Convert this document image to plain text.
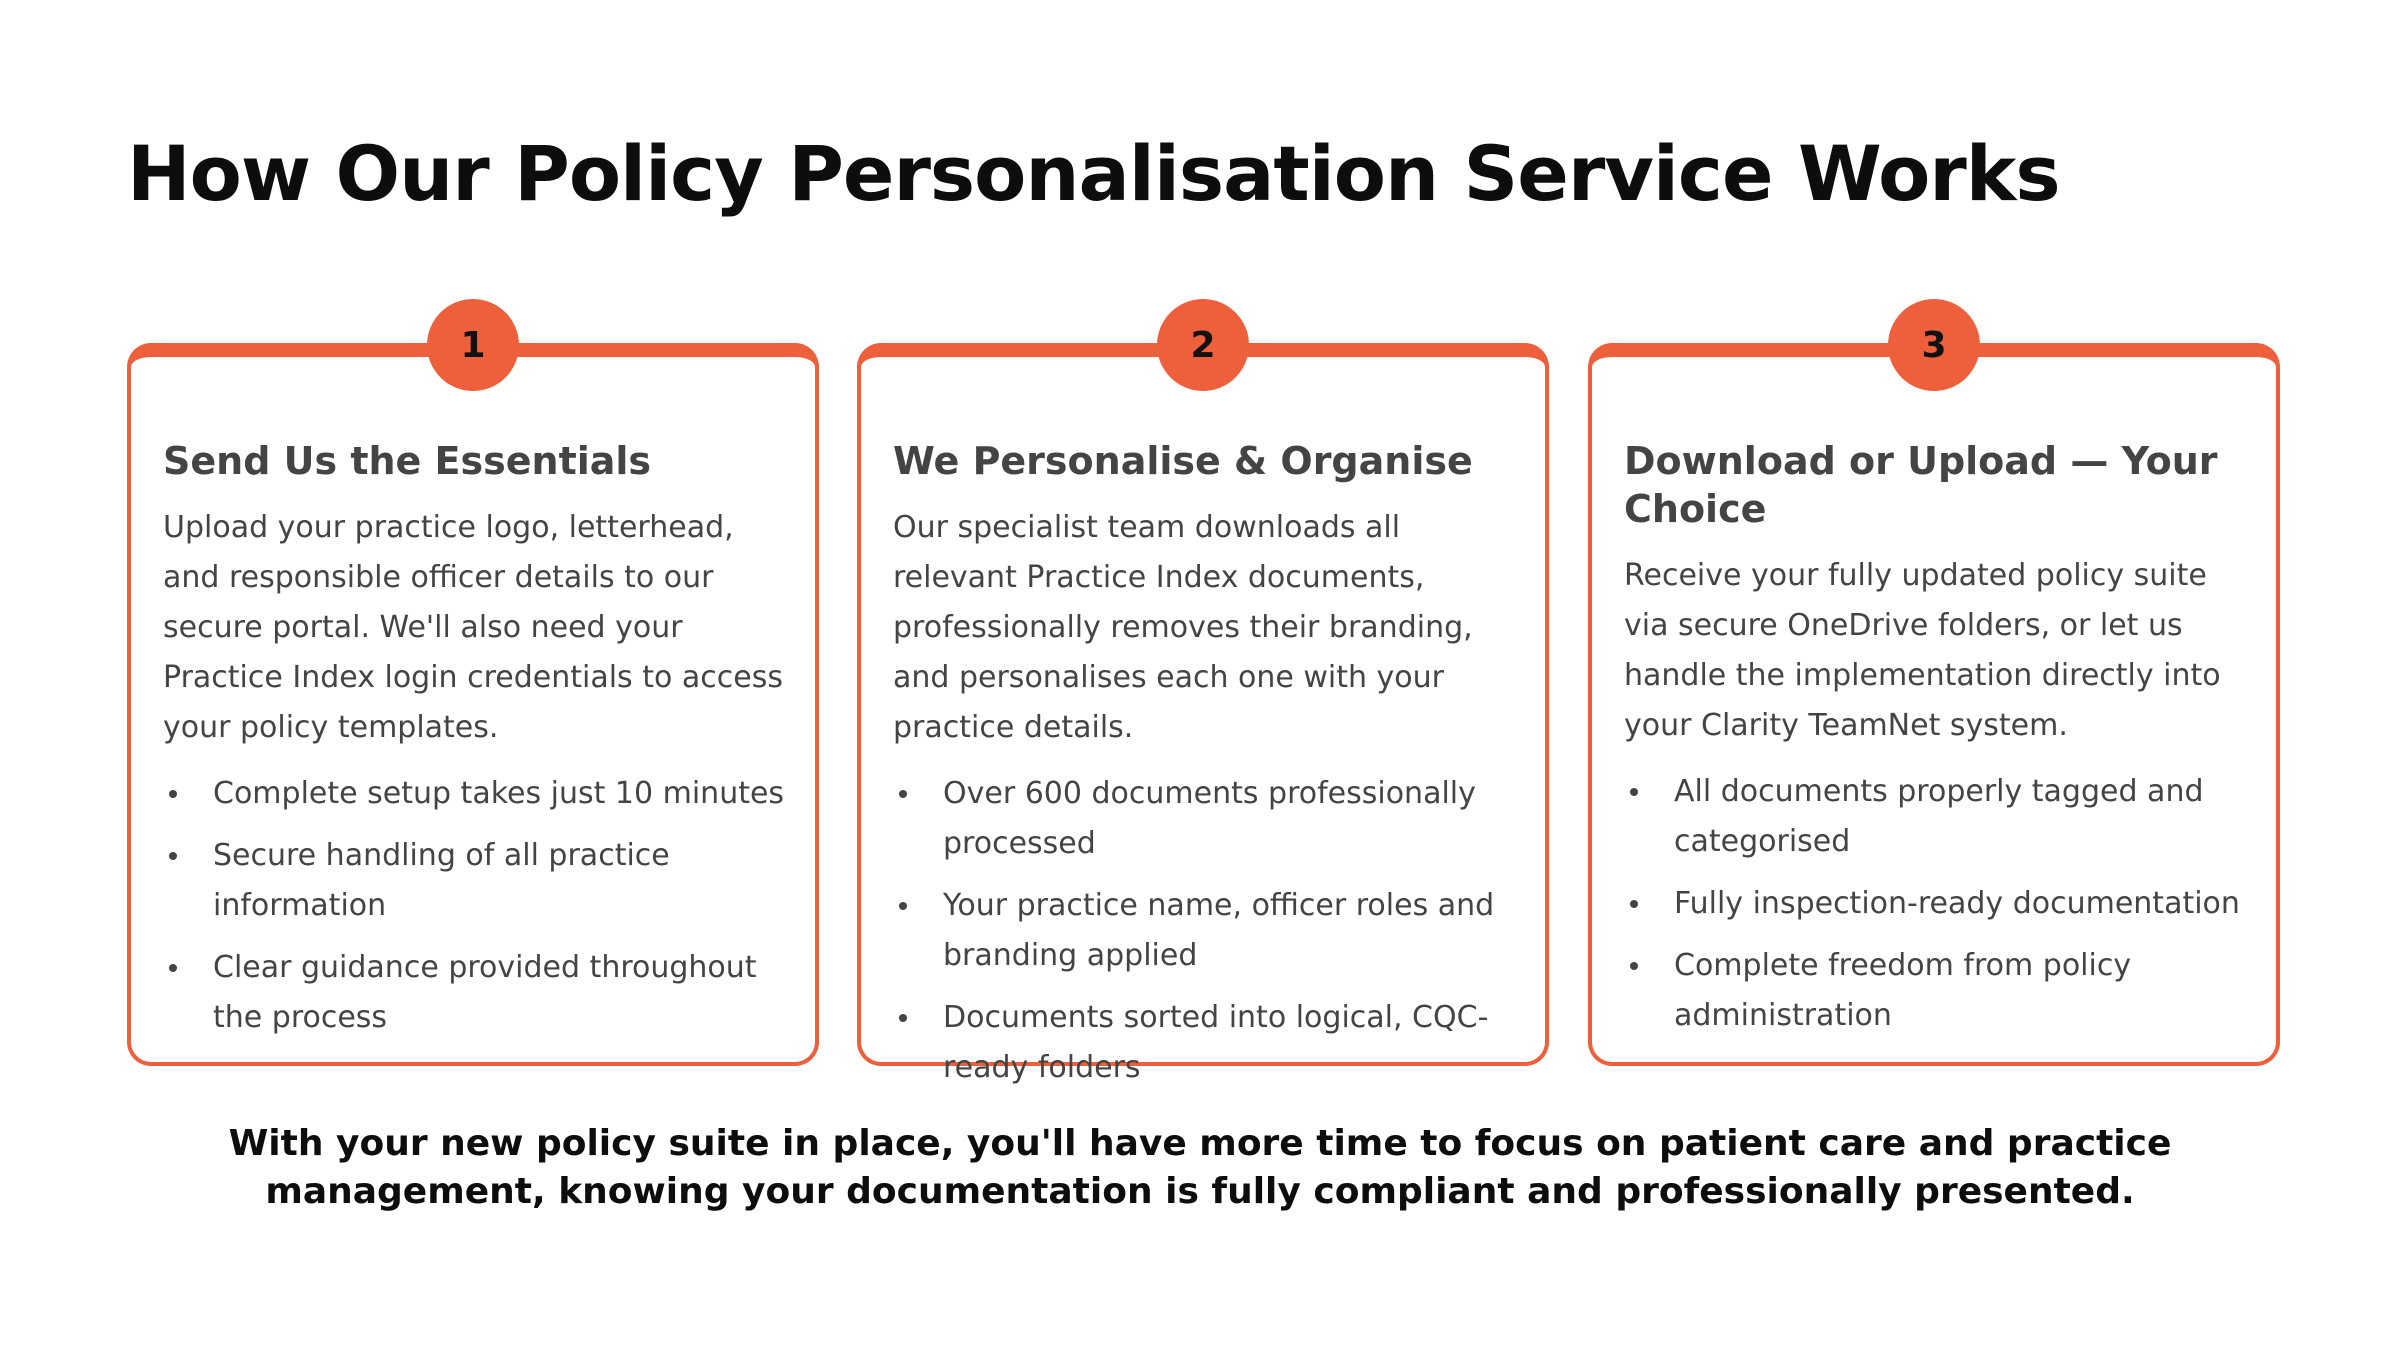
How Our Policy Personalisation Service Works
1
Send Us the Essentials

Upload your practice logo, letterhead, and responsible officer details to our secure portal. We'll also need your Practice Index login credentials to access your policy templates.

Complete setup takes just 10 minutes
Secure handling of all practice information
Clear guidance provided throughout the process
2
We Personalise & Organise

Our specialist team downloads all relevant Practice Index documents, professionally removes their branding, and personalises each one with your practice details.

Over 600 documents professionally processed
Your practice name, officer roles and branding applied
Documents sorted into logical, CQC-ready folders
3
Download or Upload — Your Choice

Receive your fully updated policy suite via secure OneDrive folders, or let us handle the implementation directly into your Clarity TeamNet system.

All documents properly tagged and categorised
Fully inspection-ready documentation
Complete freedom from policy administration

With your new policy suite in place, you'll have more time to focus on patient care and practice management, knowing your documentation is fully compliant and professionally presented.
